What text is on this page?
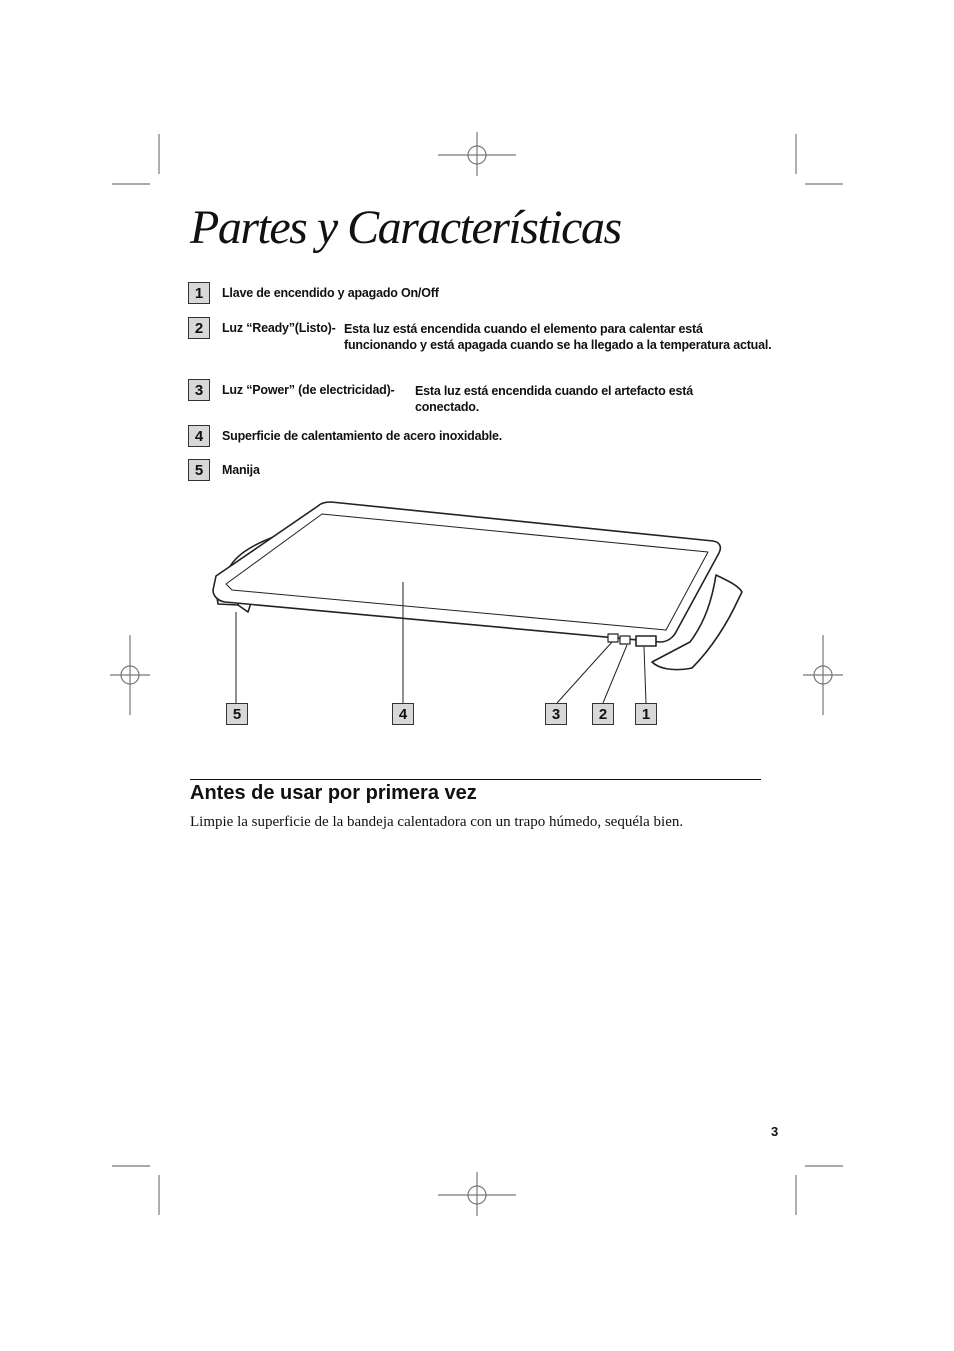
Partes y Características
1	Llave de encendido y apagado On/Off
2	Luz “Ready”(Listo)- Esta luz está encendida cuando el elemento para calentar está funcionando y está apagada cuando se ha llegado a la temperatura actual.
3	Luz “Power” (de electricidad)- Esta luz está encendida cuando el artefacto está conectado.
4	Superficie de calentamiento de acero inoxidable.
5	Manija
5	4	3	2	1
Antes de usar por primera vez

Limpie la superficie de la bandeja calentadora con un trapo húmedo, sequéla bien.

3
